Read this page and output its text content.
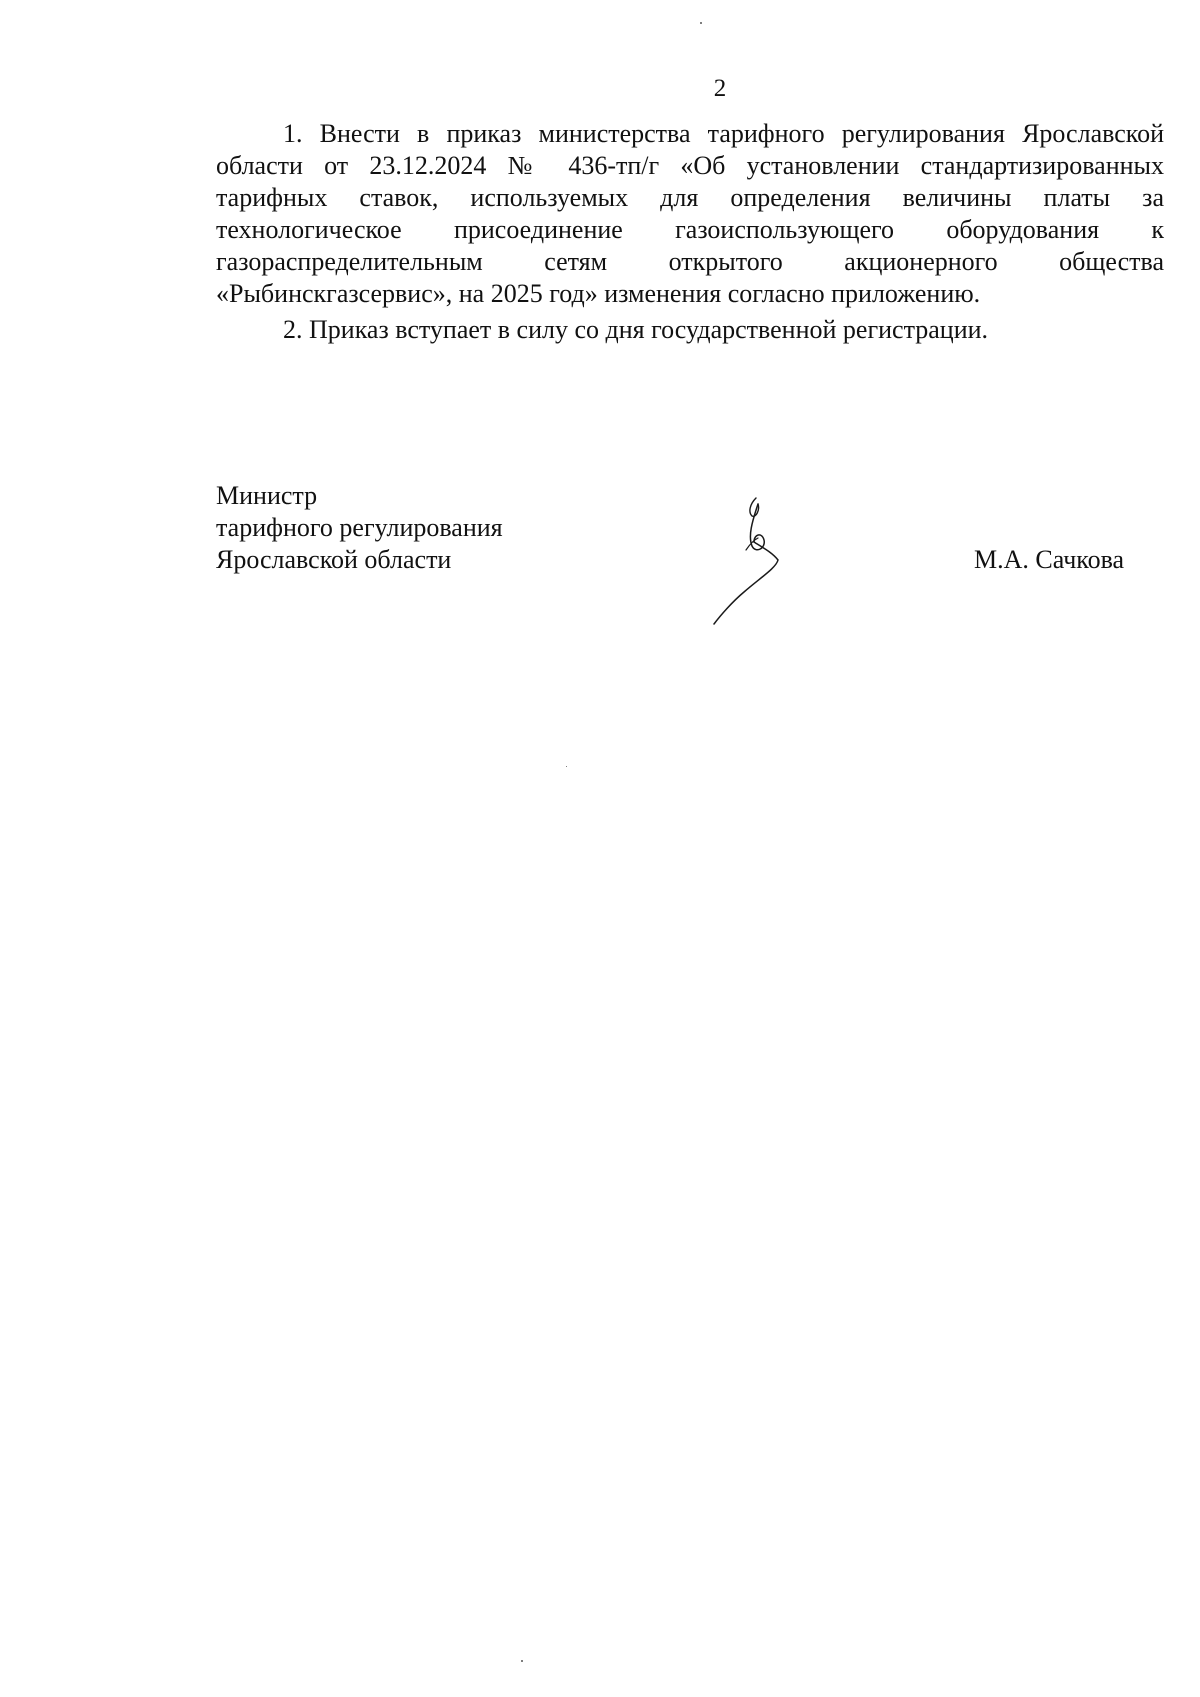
2

1. Внести в приказ министерства тарифного регулирования Ярославской области от 23.12.2024 № 436-тп/г «Об установлении стандартизированных тарифных ставок, используемых для определения величины платы за технологическое присоединение газоиспользующего оборудования к газораспределительным сетям открытого акционерного общества «Рыбинскгазсервис», на 2025 год» изменения согласно приложению.

2. Приказ вступает в силу со дня государственной регистрации.

Министр
тарифного регулирования
Ярославской области	М.А. Сачкова
